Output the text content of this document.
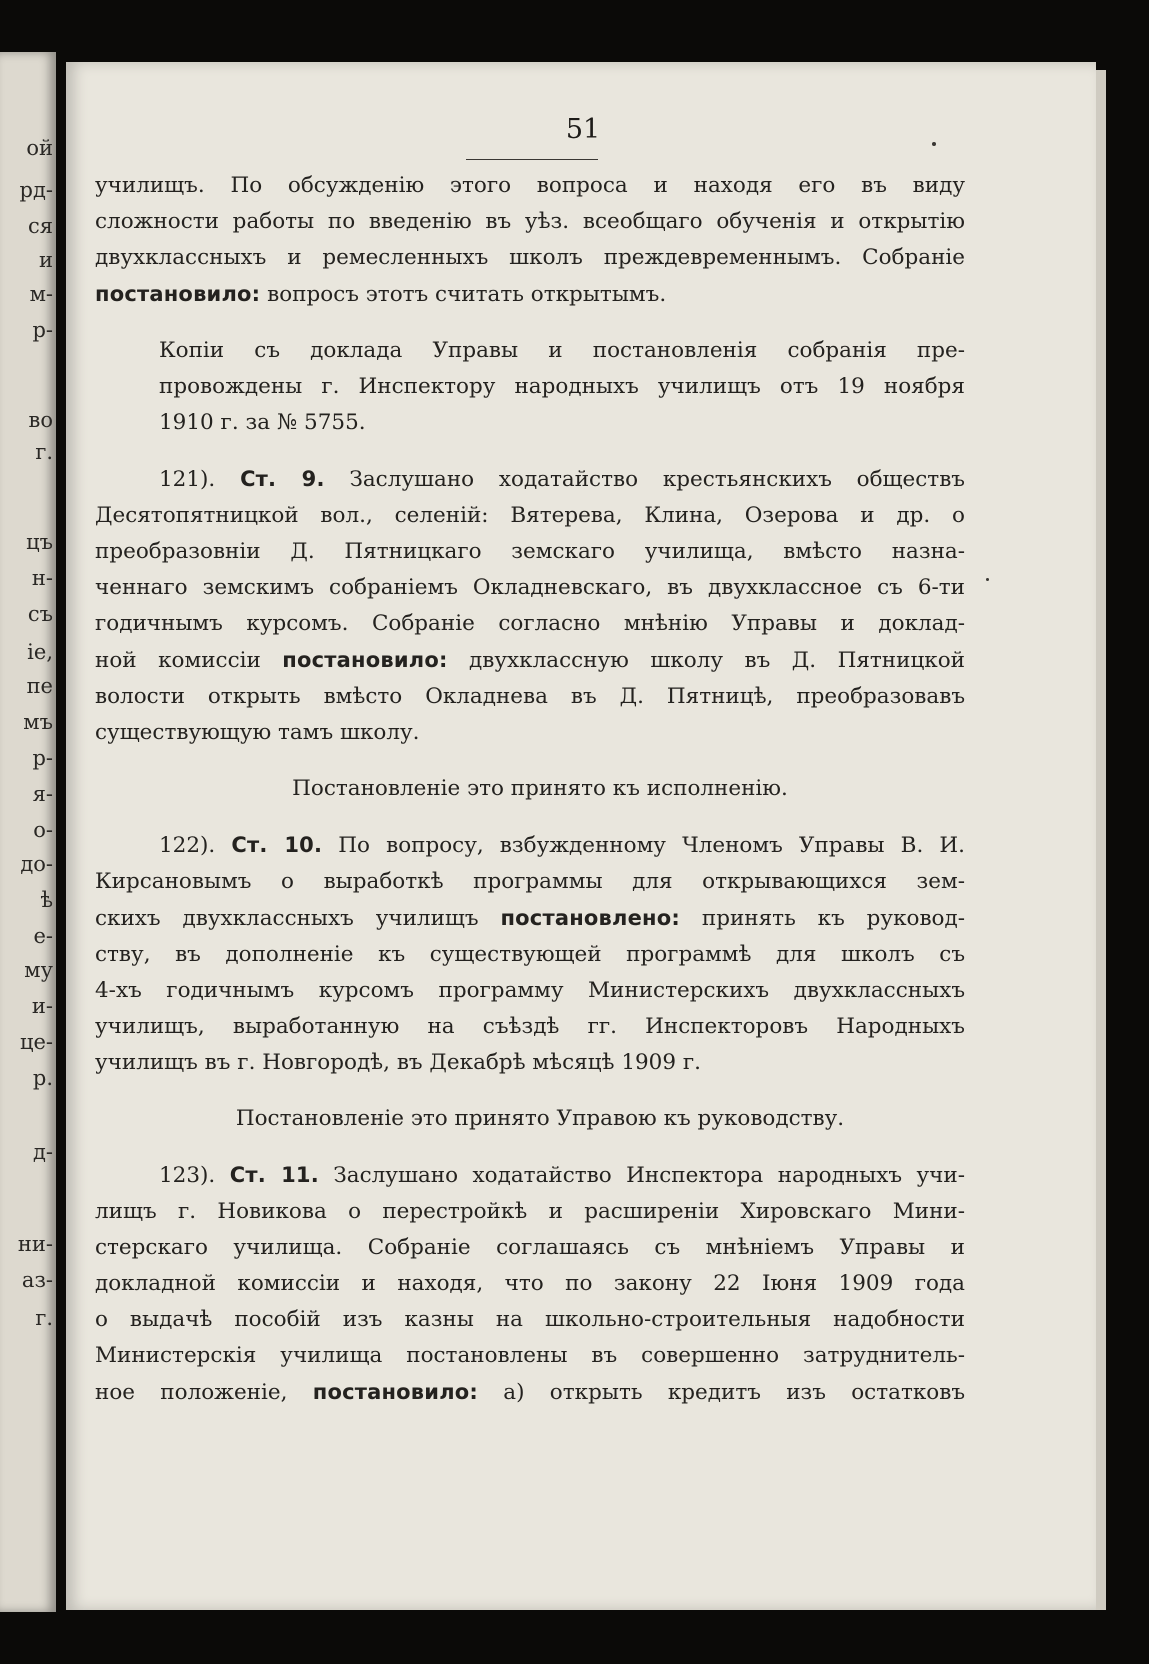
ой
рд-
ся
и
м-
р-
во
г.
цъ
н-
съ
іе,
пе
мъ
р-
я-
о-
до-
ѣ
е-
му
и-
це-
р.
д-
ни-
аз-
г.
51
училищъ. По обсужденію этого вопроса и находя его въ виду
сложности работы по введенію въ уѣз. всеобщаго обученія и открытію
двухклассныхъ и ремесленныхъ школъ преждевременнымъ. Собраніе
постановило: вопросъ этотъ считать открытымъ.
Копіи съ доклада Управы и постановленія собранія пре-
провождены г. Инспектору народныхъ училищъ отъ 19 ноября
1910 г. за № 5755.
121). Ст. 9. Заслушано ходатайство крестьянскихъ обществъ
Десятопятницкой вол., селеній: Вятерева, Клина, Озерова и др. о
преобразовніи Д. Пятницкаго земскаго училища, вмѣсто назна-
ченнаго земскимъ собраніемъ Окладневскаго, въ двухклассное съ 6-ти
годичнымъ курсомъ. Собраніе согласно мнѣнію Управы и доклад-
ной комиссіи постановило: двухклассную школу въ Д. Пятницкой
волости открыть вмѣсто Окладнева въ Д. Пятницѣ, преобразовавъ
существующую тамъ школу.
Постановленіе это принято къ исполненію.
122). Ст. 10. По вопросу, взбужденному Членомъ Управы В. И.
Кирсановымъ о выработкѣ программы для открывающихся зем-
скихъ двухклассныхъ училищъ постановлено: принять къ руковод-
ству, въ дополненіе къ существующей программѣ для школъ съ
4-хъ годичнымъ курсомъ программу Министерскихъ двухклассныхъ
училищъ, выработанную на съѣздѣ гг. Инспекторовъ Народныхъ
училищъ въ г. Новгородѣ, въ Декабрѣ мѣсяцѣ 1909 г.
Постановленіе это принято Управою къ руководству.
123). Ст. 11. Заслушано ходатайство Инспектора народныхъ учи-
лищъ г. Новикова о перестройкѣ и расширеніи Хировскаго Мини-
стерскаго училища. Собраніе соглашаясь съ мнѣніемъ Управы и
докладной комиссіи и находя, что по закону 22 Іюня 1909 года
о выдачѣ пособій изъ казны на школьно-строительныя надобности
Министерскія училища постановлены въ совершенно затруднитель-
ное положеніе, постановило: а) открыть кредитъ изъ остатковъ
